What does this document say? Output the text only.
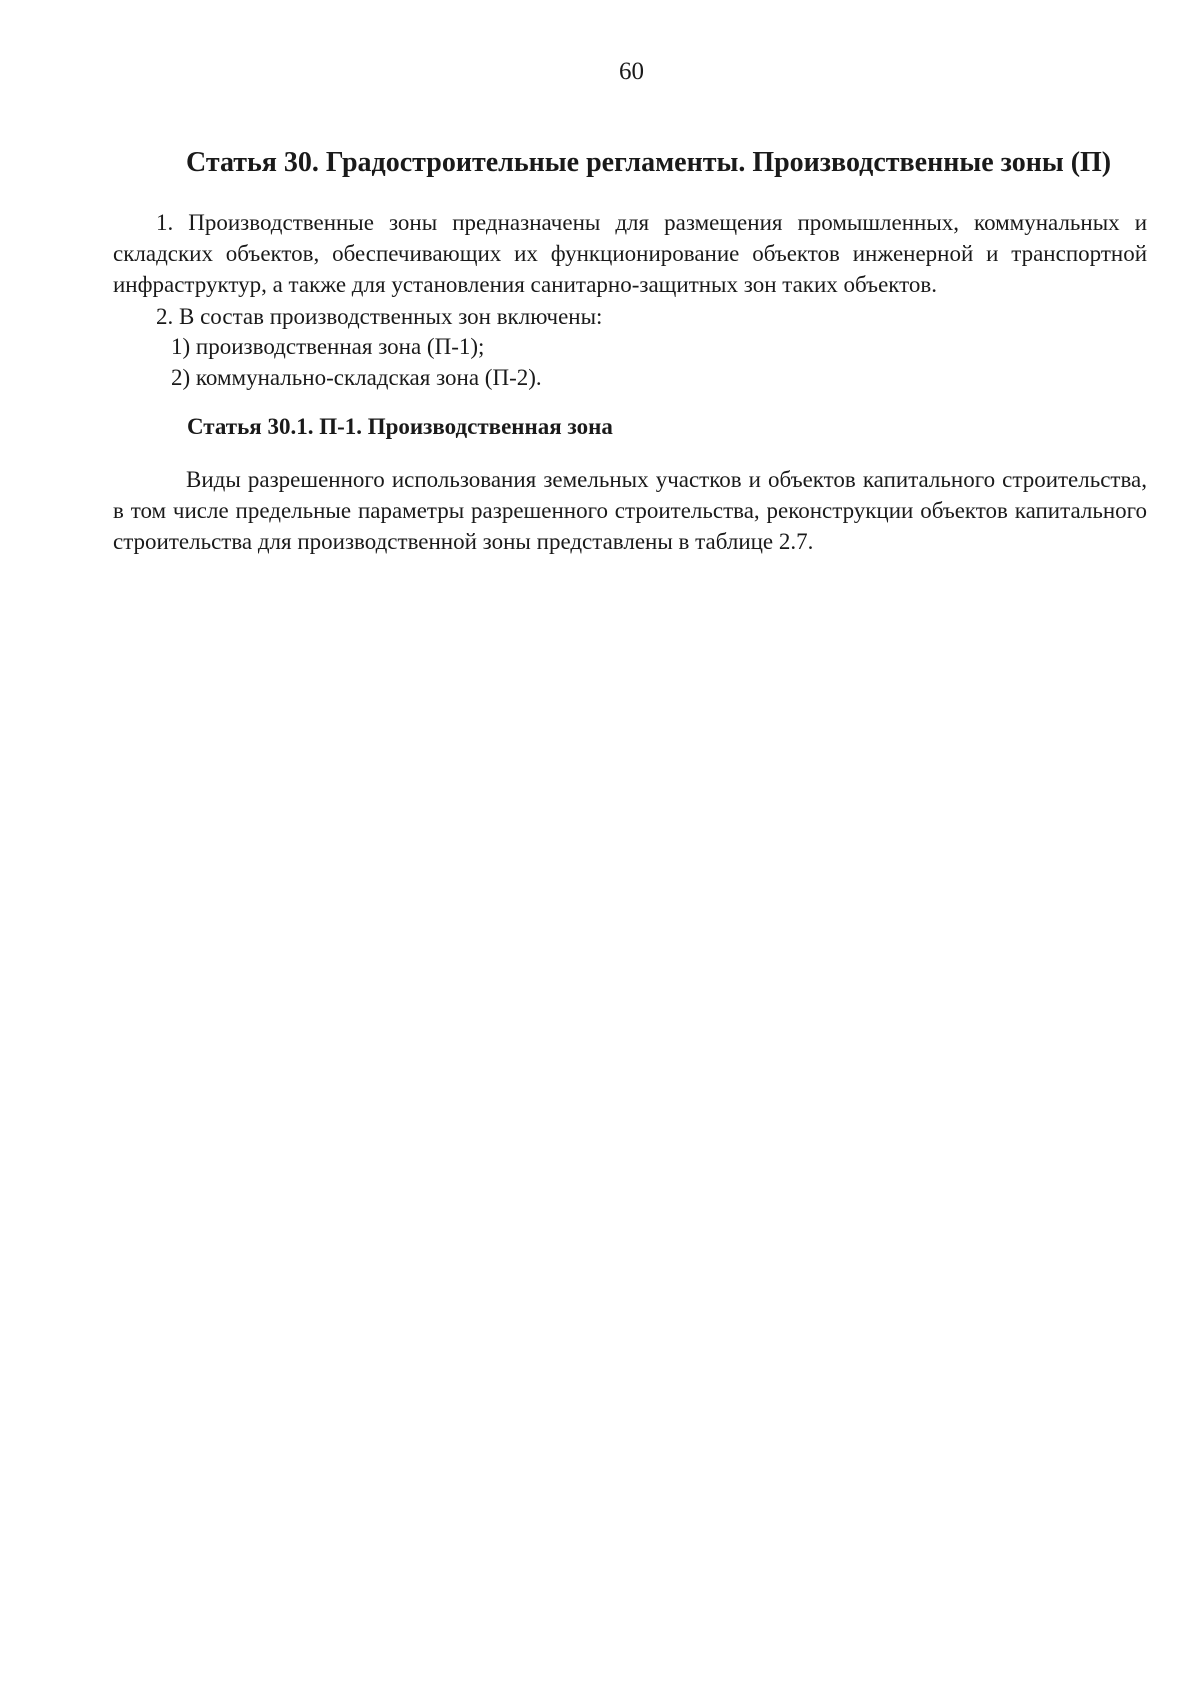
60
Статья 30. Градостроительные регламенты. Производственные зоны (П)

1. Производственные зоны предназначены для размещения промышленных, коммунальных и складских объектов, обеспечивающих их функционирование объектов инженерной и транспортной инфраструктур, а также для установления санитарно-защитных зон таких объектов.

2. В состав производственных зон включены:

1) производственная зона (П-1);

2) коммунально-складская зона (П-2).

Статья 30.1. П-1. Производственная зона

Виды разрешенного использования земельных участков и объектов капитального строительства, в том числе предельные параметры разрешенного строительства, реконструкции объектов капитального строительства для производственной зоны представлены в таблице 2.7.
